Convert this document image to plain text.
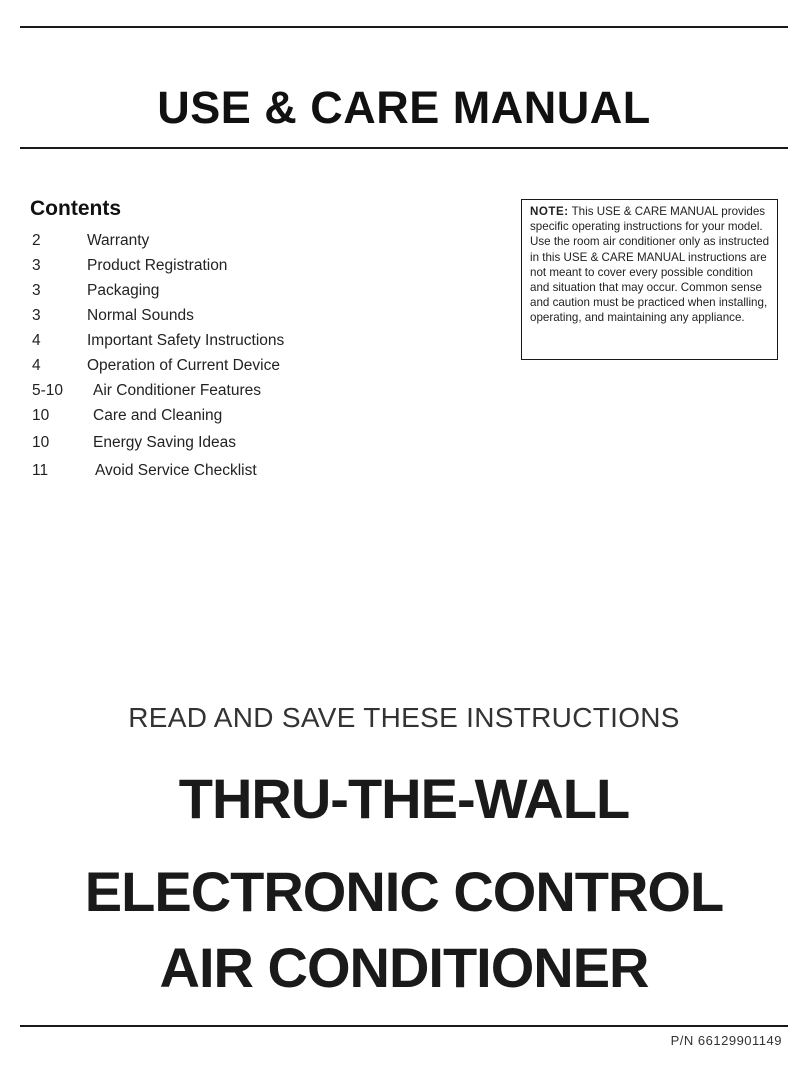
USE & CARE MANUAL
Contents
2	Warranty
3	Product Registration
3	Packaging
3	Normal Sounds
4	Important Safety Instructions
4	Operation of Current Device
5-10 Air Conditioner Features
10	Care and Cleaning
10	Energy Saving Ideas
11	Avoid Service Checklist
NOTE: This USE & CARE MANUAL provides specific operating instructions for your model. Use the room air conditioner only as instructed in this USE & CARE MANUAL instructions are not meant to cover every possible condition and situation that may occur. Common sense and caution must be practiced when installing, operating, and maintaining any appliance.
READ AND SAVE THESE INSTRUCTIONS
THRU-THE-WALL
ELECTRONIC CONTROL
AIR CONDITIONER
P/N 66129901149
